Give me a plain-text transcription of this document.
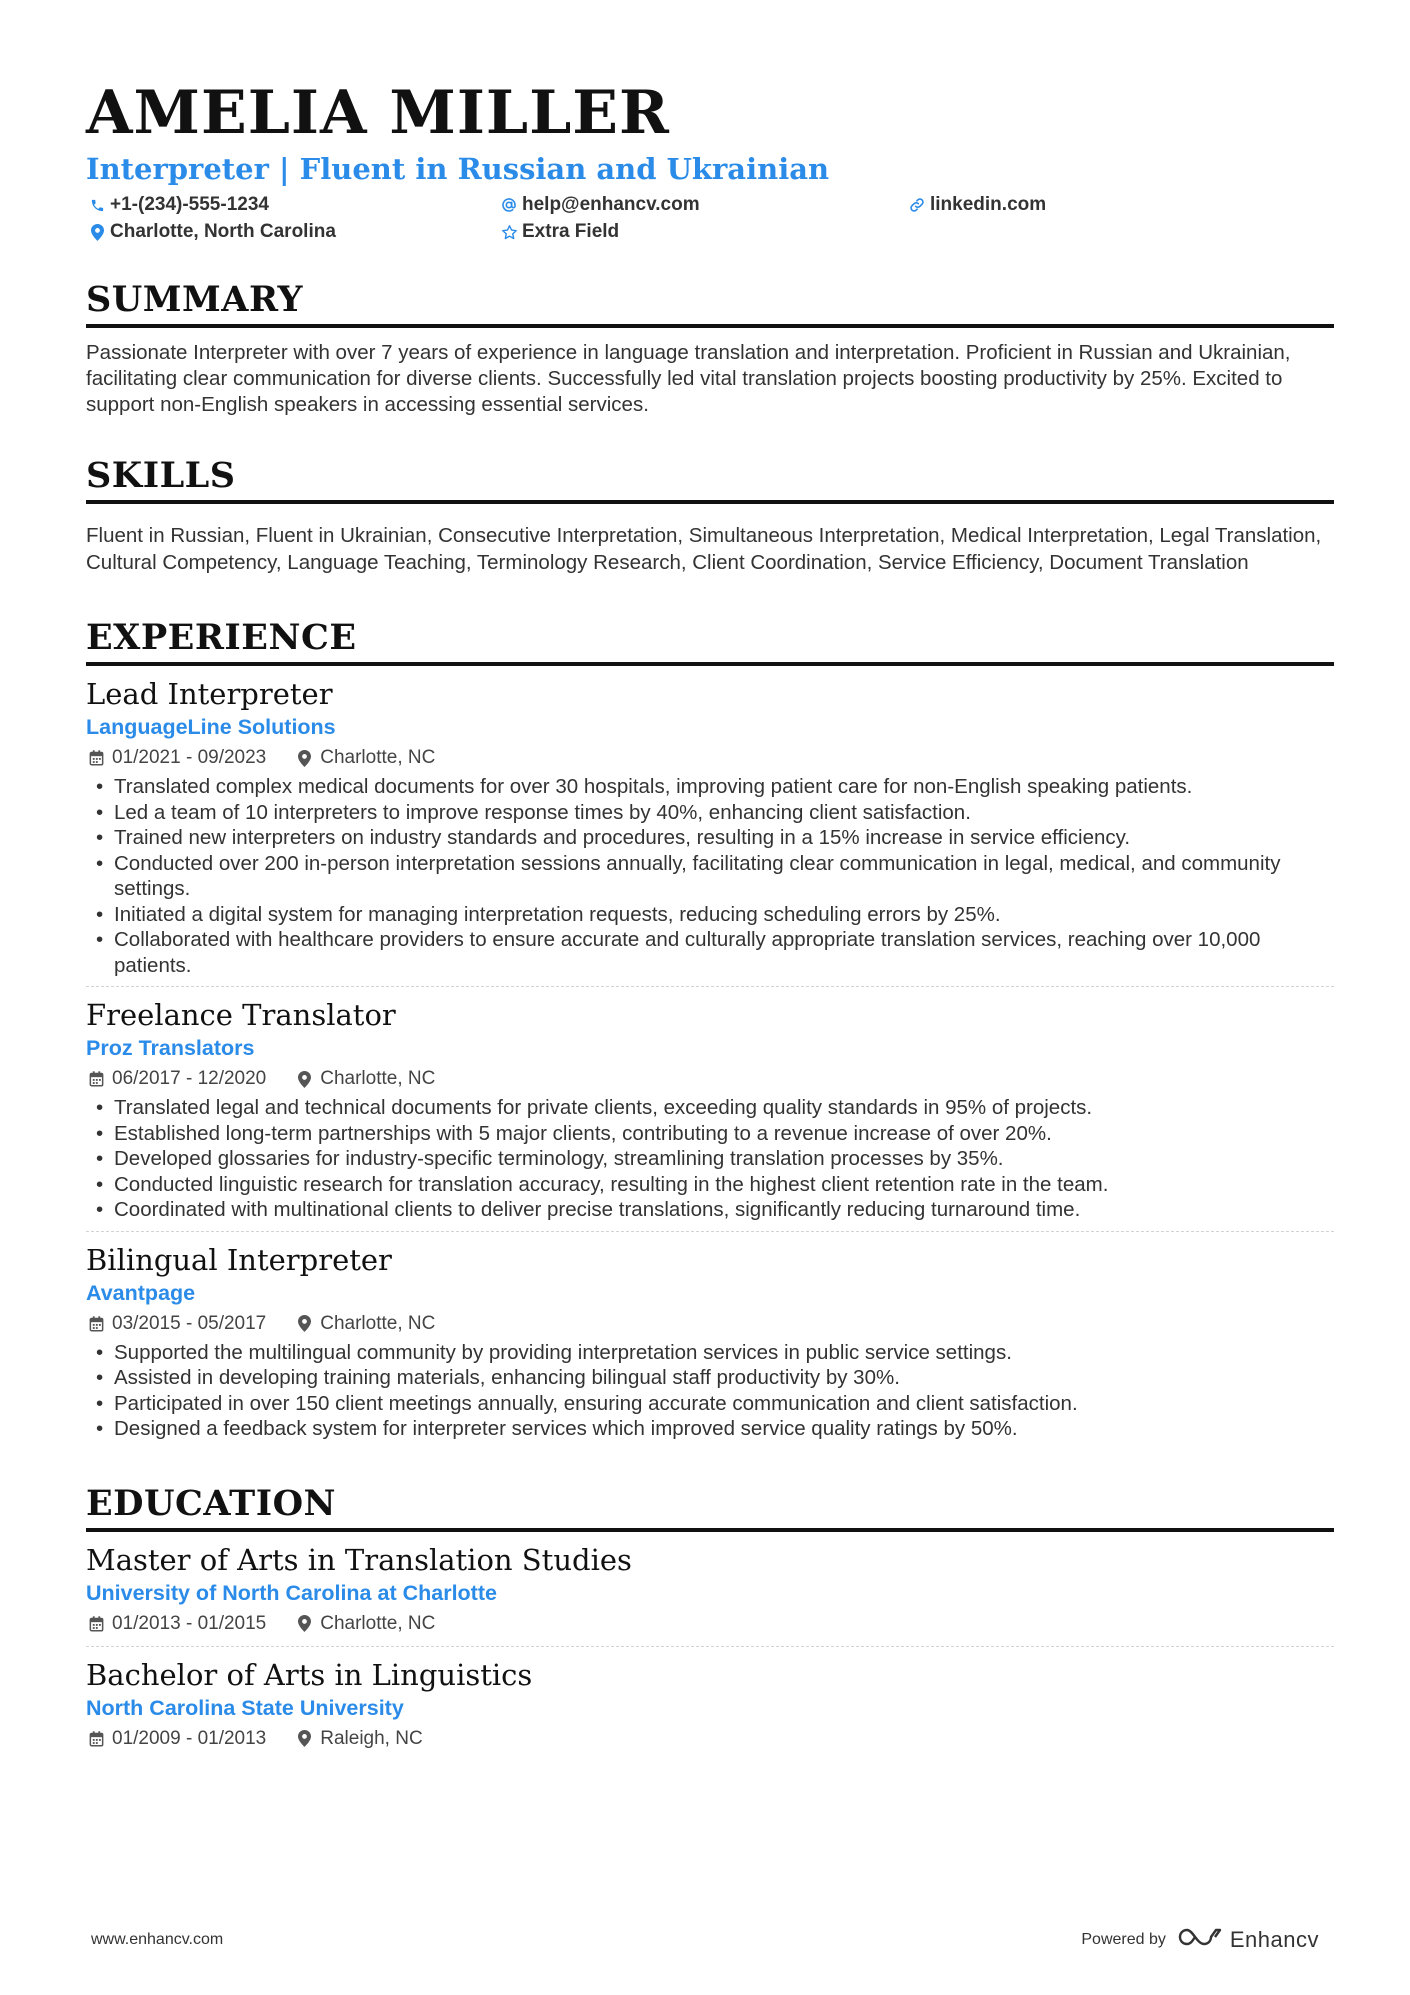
AMELIA MILLER
Interpreter | Fluent in Russian and Ukrainian
+1-(234)-555-1234	help@enhancv.com	linkedin.com
Charlotte, North Carolina	Extra Field
SUMMARY
Passionate Interpreter with over 7 years of experience in language translation and interpretation. Proficient in Russian and Ukrainian, facilitating clear communication for diverse clients. Successfully led vital translation projects boosting productivity by 25%. Excited to support non-English speakers in accessing essential services.
SKILLS
Fluent in Russian, Fluent in Ukrainian, Consecutive Interpretation, Simultaneous Interpretation, Medical Interpretation, Legal Translation, Cultural Competency, Language Teaching, Terminology Research, Client Coordination, Service Efficiency, Document Translation
EXPERIENCE
Lead Interpreter
LanguageLine Solutions
01/2021 - 09/2023	Charlotte, NC
• Translated complex medical documents for over 30 hospitals, improving patient care for non-English speaking patients.
• Led a team of 10 interpreters to improve response times by 40%, enhancing client satisfaction.
• Trained new interpreters on industry standards and procedures, resulting in a 15% increase in service efficiency.
• Conducted over 200 in-person interpretation sessions annually, facilitating clear communication in legal, medical, and community settings.
• Initiated a digital system for managing interpretation requests, reducing scheduling errors by 25%.
• Collaborated with healthcare providers to ensure accurate and culturally appropriate translation services, reaching over 10,000 patients.
Freelance Translator
Proz Translators
06/2017 - 12/2020	Charlotte, NC
• Translated legal and technical documents for private clients, exceeding quality standards in 95% of projects.
• Established long-term partnerships with 5 major clients, contributing to a revenue increase of over 20%.
• Developed glossaries for industry-specific terminology, streamlining translation processes by 35%.
• Conducted linguistic research for translation accuracy, resulting in the highest client retention rate in the team.
• Coordinated with multinational clients to deliver precise translations, significantly reducing turnaround time.
Bilingual Interpreter
Avantpage
03/2015 - 05/2017	Charlotte, NC
• Supported the multilingual community by providing interpretation services in public service settings.
• Assisted in developing training materials, enhancing bilingual staff productivity by 30%.
• Participated in over 150 client meetings annually, ensuring accurate communication and client satisfaction.
• Designed a feedback system for interpreter services which improved service quality ratings by 50%.
EDUCATION
Master of Arts in Translation Studies
University of North Carolina at Charlotte
01/2013 - 01/2015	Charlotte, NC
Bachelor of Arts in Linguistics
North Carolina State University
01/2009 - 01/2013	Raleigh, NC
www.enhancv.com	Powered by	Enhancv
